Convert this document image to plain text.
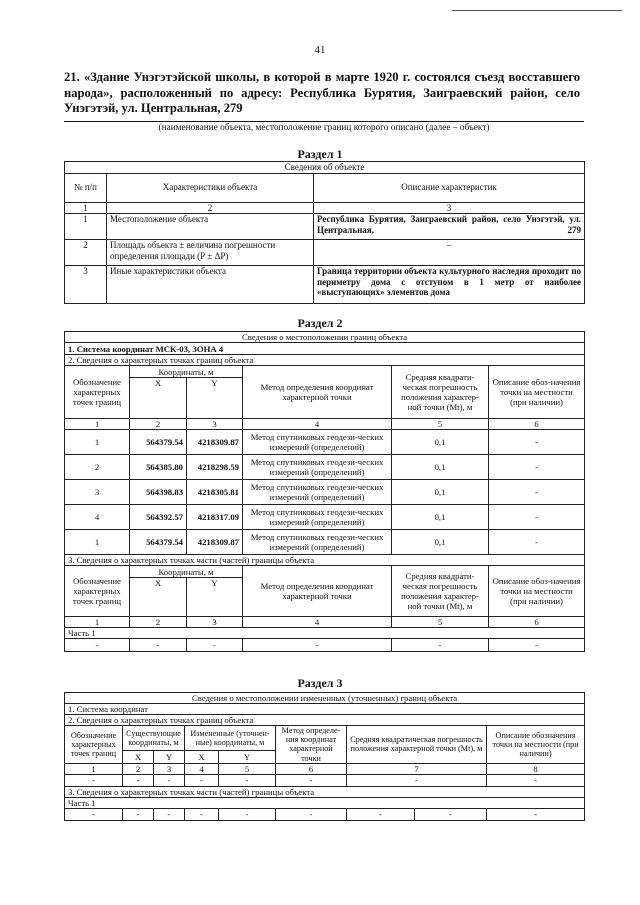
41
21. «Здание Унэгэтэйской школы, в которой в марте 1920 г. состоялся съезд восставшего народа», расположенный по адресу: Республика Бурятия, Заиграевский район, село Унэгэтэй, ул. Центральная, 279
(наименование объекта, местоположение границ которого описано (далее – объект)
Раздел 1
Сведения об объекте		
№ п/п	Характеристики объекта	Описание характеристик
1	2	3
1	Местоположение объекта	Республика Бурятия, Заиграевский район, село Унэгэтэй, ул. Центральная, 279
2	Площадь объекта ± величина погрешности определения площади (Р ± ΔР)	–
3	Иные характеристики объекта	Граница территории объекта культурного наследия проходит по периметру дома с отступом в 1 метр от наиболее «выступающих» элементов дома
Раздел 2
Сведения о местоположении границ объекта					
1. Система координат МСК-03, ЗОНА 4					
2. Сведения о характерных точках границ объекта					
Обозначение характерных точек границ	Координаты, м		Метод определения координат характерной точки	Средняя квадрати-ческая погрешность положения характер-ной точки (Mt), м	Описание обоз-начения точки на местности (при наличии)
	X	Y			
1	2	3	4	5	6
1	564379.54	4218309.87	Метод спутниковых геодези-ческих измерений (определений)	0,1	-
2	564385.80	4218298.59	Метод спутниковых геодези-ческих измерений (определений)	0,1	-
3	564398.83	4218305.81	Метод спутниковых геодези-ческих измерений (определений)	0,1	-
4	564392.57	4218317.09	Метод спутниковых геодези-ческих измерений (определений)	0,1	-
1	564379.54	4218309.87	Метод спутниковых геодези-ческих измерений (определений)	0,1	-
3. Сведения о характерных точках части (частей) границы объекта					
Обозначение характерных точек границ	Координаты, м		Метод определения координат характерной точки	Средняя квадрати-ческая погрешность положения характер-ной точки (Mt), м	Описание обоз-начения точки на местности (при наличии)
	X	Y			
1	2	3	4	5	6
Часть 1					
-	-	-	-	-	-
Раздел 3
Сведения о местоположении измененных (уточненных) границ объекта								
1. Система координат								
2. Сведения о характерных точках границ объекта								
Обозначение характерных точек границ	Существующие координаты, м		Измененные (уточнен-ные) координаты, м		Метод определе-ния координат характерной точки	Средняя квадратическая погрешность положения характерной точки (Mt), м		Описание обозначения точки на местности (при наличии)
	X	Y	X	Y				
1	2	3	4	5	6	7		8
-	-	-	-	-	-	-		-
3. Сведения о характерных точках части (частей) границы объекта								
Часть 1								
-	-	-	-	-	-	-	-	-
